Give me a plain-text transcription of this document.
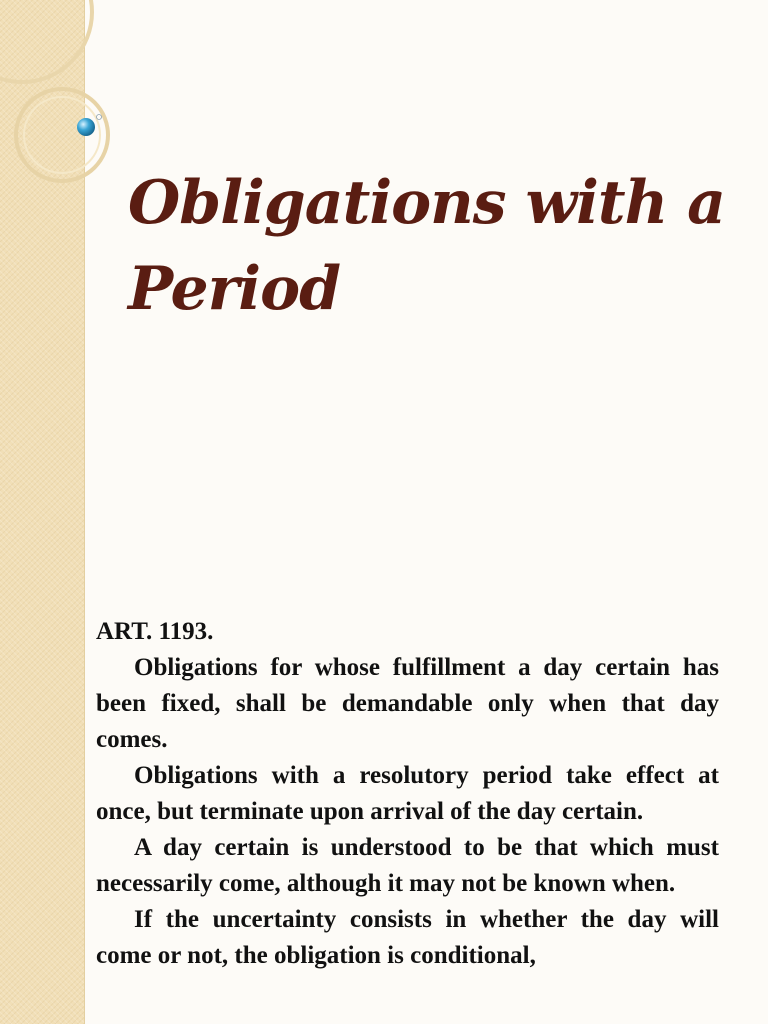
Obligations with a
Period

ART. 1193.

Obligations for whose fulfillment a day certain has been fixed, shall be demandable only when that day comes.

Obligations with a resolutory period take effect at once, but terminate upon arrival of the day certain.

A day certain is understood to be that which must necessarily come, although it may not be known when.

If the uncertainty consists in whether the day will come or not, the obligation is conditional,
